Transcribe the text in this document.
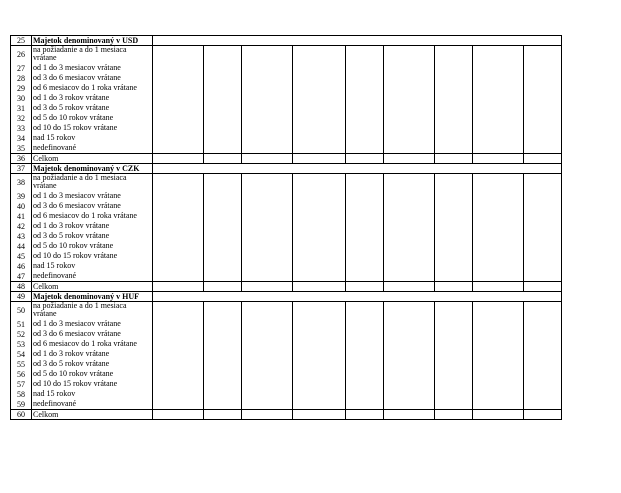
25	Majetok denominovaný v USD									
26	na požiadanie a do 1 mesiaca vrátane									
27	od 1 do 3 mesiacov vrátane									
28	od 3 do 6 mesiacov vrátane									
29	od 6 mesiacov do 1 roka vrátane									
30	od 1 do 3 rokov vrátane									
31	od 3 do 5 rokov vrátane									
32	od 5 do 10 rokov vrátane									
33	od 10 do 15 rokov vrátane									
34	nad 15 rokov									
35	nedefinované									
36	Celkom									
37	Majetok denominovaný v CZK									
38	na požiadanie a do 1 mesiaca vrátane									
39	od 1 do 3 mesiacov vrátane									
40	od 3 do 6 mesiacov vrátane									
41	od 6 mesiacov do 1 roka vrátane									
42	od 1 do 3 rokov vrátane									
43	od 3 do 5 rokov vrátane									
44	od 5 do 10 rokov vrátane									
45	od 10 do 15 rokov vrátane									
46	nad 15 rokov									
47	nedefinované									
48	Celkom									
49	Majetok denominovaný v HUF									
50	na požiadanie a do 1 mesiaca vrátane									
51	od 1 do 3 mesiacov vrátane									
52	od 3 do 6 mesiacov vrátane									
53	od 6 mesiacov do 1 roka vrátane									
54	od 1 do 3 rokov vrátane									
55	od 3 do 5 rokov vrátane									
56	od 5 do 10 rokov vrátane									
57	od 10 do 15 rokov vrátane									
58	nad 15 rokov									
59	nedefinované									
60	Celkom									
